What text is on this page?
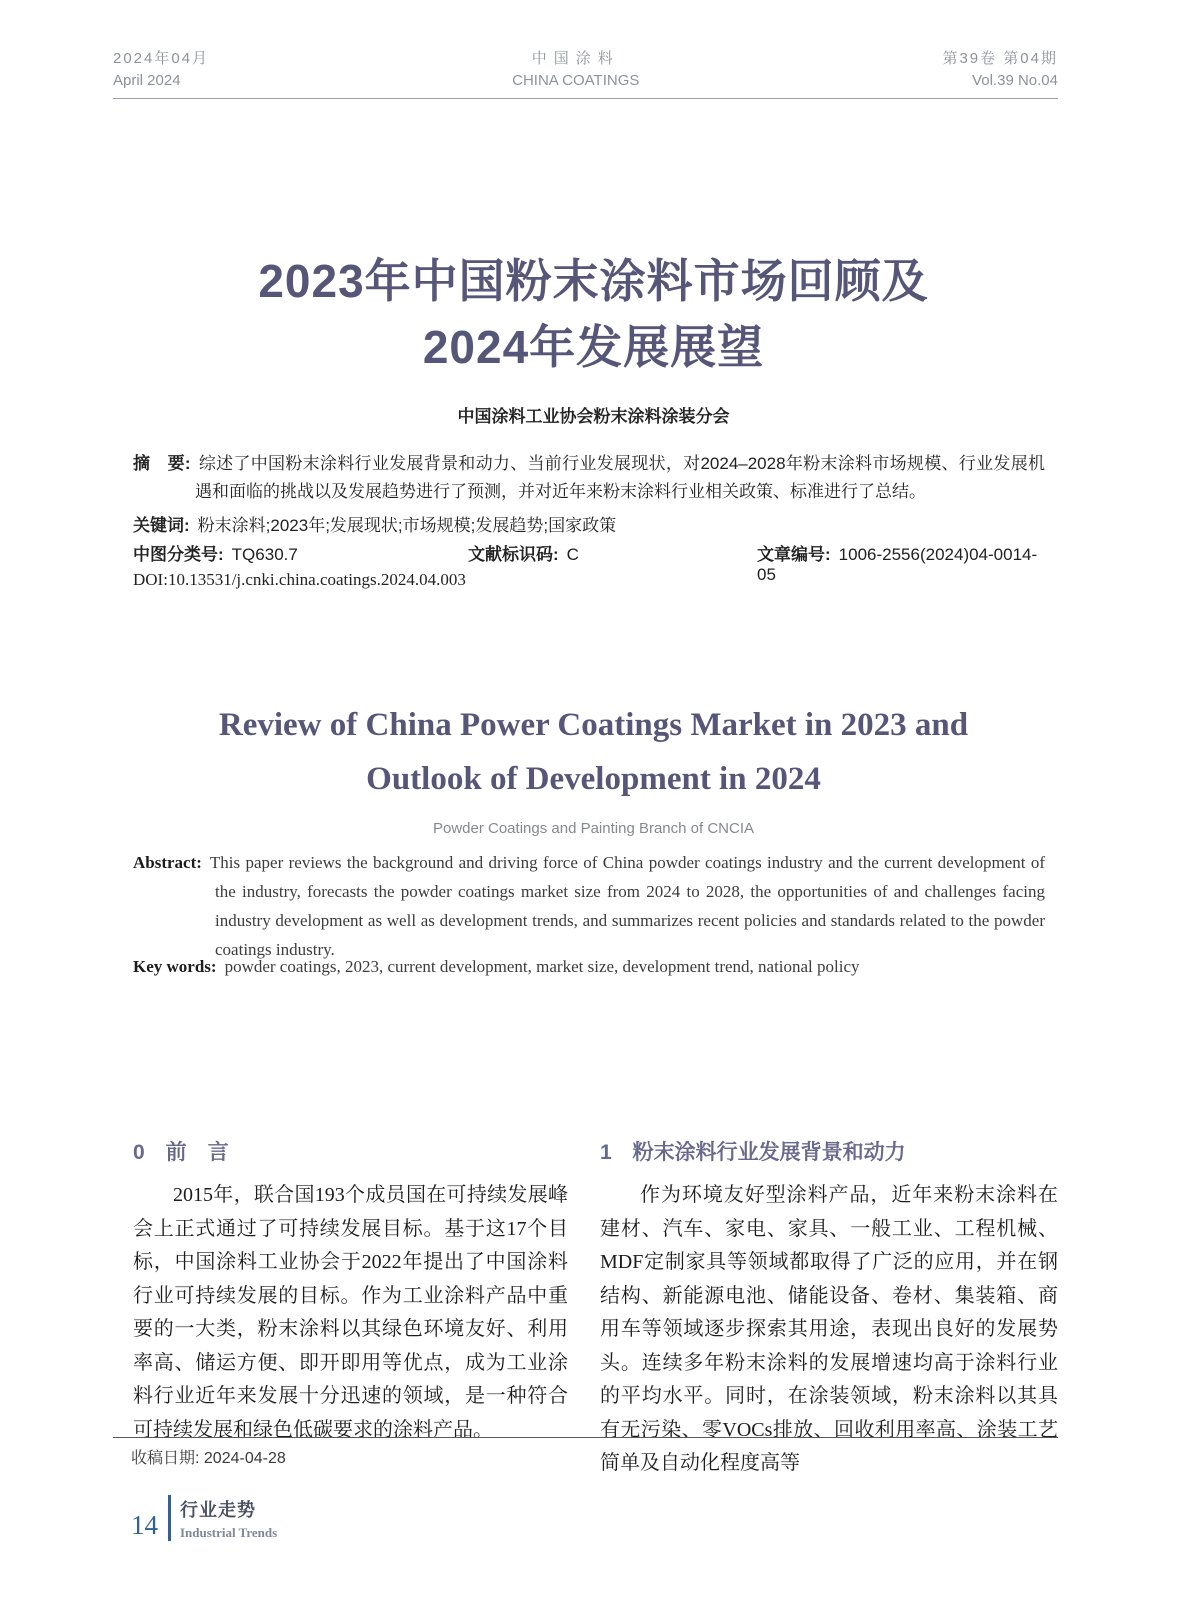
2024年04月
April 2024
中国涂料
CHINA COATINGS
第39卷 第04期
Vol.39 No.04
2023年中国粉末涂料市场回顾及
2024年发展展望
中国涂料工业协会粉末涂料涂装分会

摘　要: 综述了中国粉末涂料行业发展背景和动力、当前行业发展现状，对2024–2028年粉末涂料市场规模、行业发展机遇和面临的挑战以及发展趋势进行了预测，并对近年来粉末涂料行业相关政策、标准进行了总结。

关键词: 粉末涂料;2023年;发展现状;市场规模;发展趋势;国家政策

中图分类号: TQ630.7	文献标识码: C	文章编号: 1006-2556(2024)04-0014-05
DOI:10.13531/j.cnki.china.coatings.2024.04.003
Review of China Power Coatings Market in 2023 and
Outlook of Development in 2024
Powder Coatings and Painting Branch of CNCIA

Abstract: This paper reviews the background and driving force of China powder coatings industry and the current development of the industry, forecasts the powder coatings market size from 2024 to 2028, the opportunities of and challenges facing industry development as well as development trends, and summarizes recent policies and standards related to the powder coatings industry.

Key words: powder coatings, 2023, current development, market size, development trend, national policy

0　前　言

2015年，联合国193个成员国在可持续发展峰会上正式通过了可持续发展目标。基于这17个目标，中国涂料工业协会于2022年提出了中国涂料行业可持续发展的目标。作为工业涂料产品中重要的一大类，粉末涂料以其绿色环境友好、利用率高、储运方便、即开即用等优点，成为工业涂料行业近年来发展十分迅速的领域，是一种符合可持续发展和绿色低碳要求的涂料产品。

1　粉末涂料行业发展背景和动力

作为环境友好型涂料产品，近年来粉末涂料在建材、汽车、家电、家具、一般工业、工程机械、MDF定制家具等领域都取得了广泛的应用，并在钢结构、新能源电池、储能设备、卷材、集装箱、商用车等领域逐步探索其用途，表现出良好的发展势头。连续多年粉末涂料的发展增速均高于涂料行业的平均水平。同时，在涂装领域，粉末涂料以其具有无污染、零VOCs排放、回收利用率高、涂装工艺简单及自动化程度高等

收稿日期: 2024-04-28
14
行业走势
Industrial Trends
